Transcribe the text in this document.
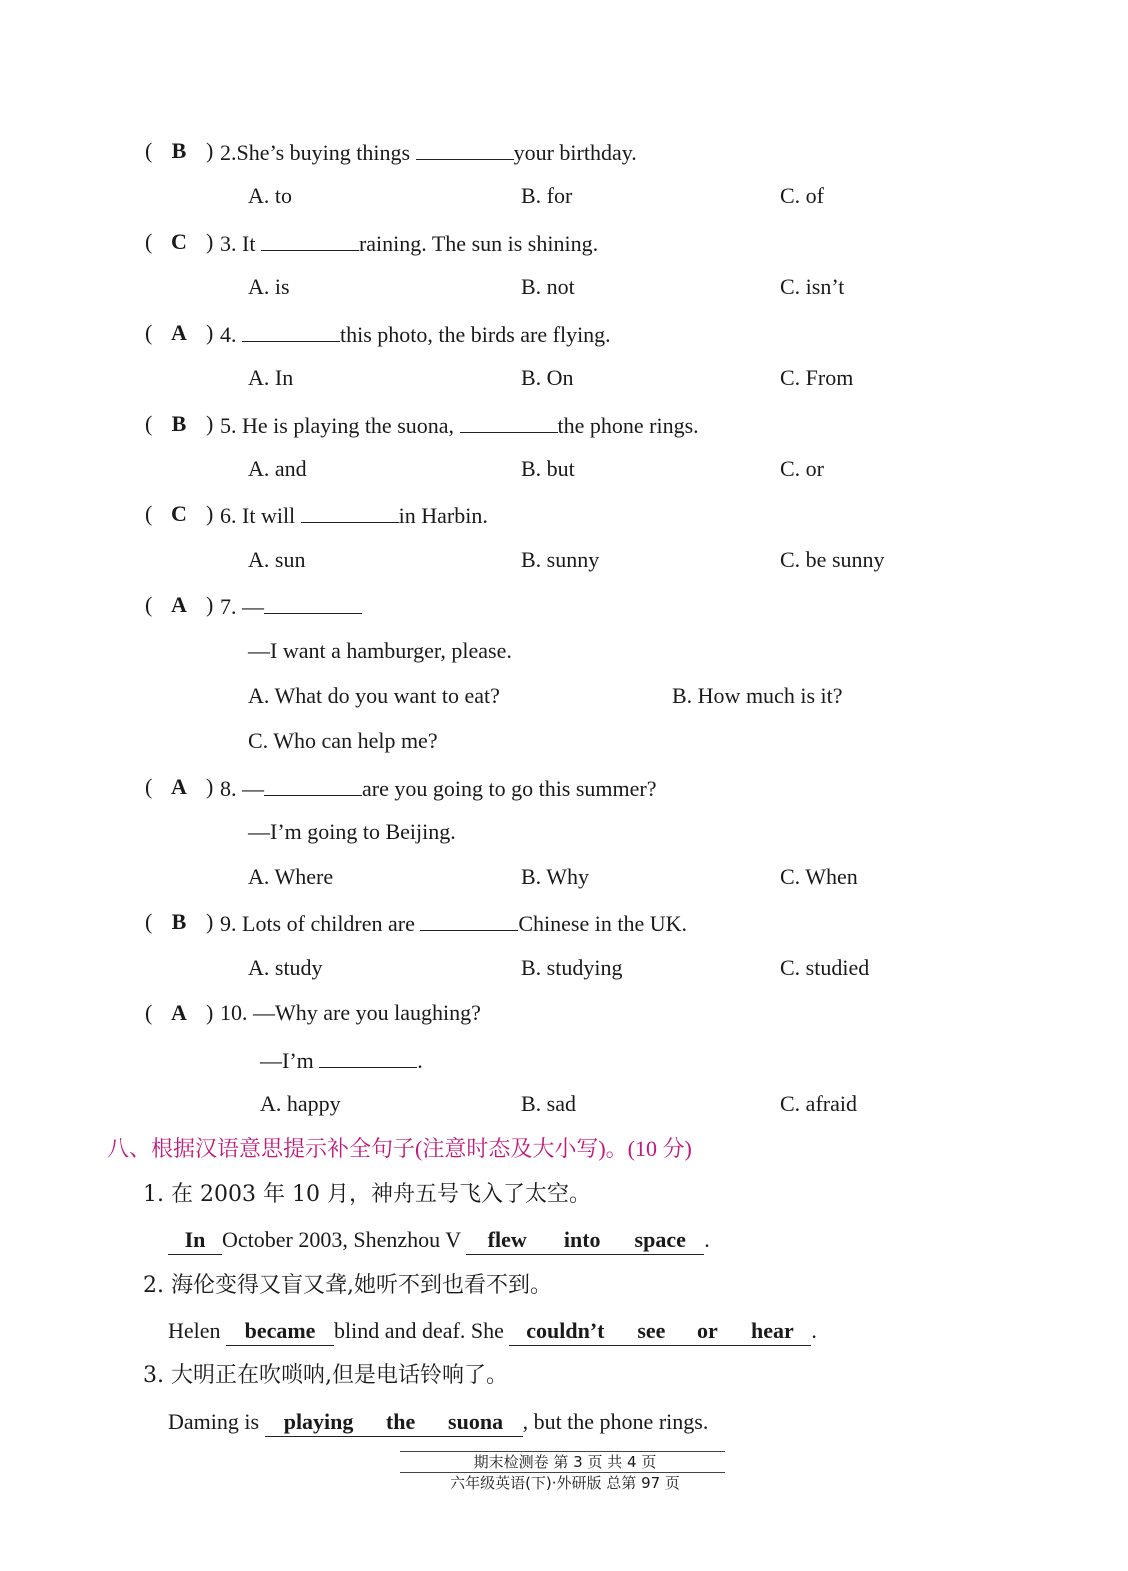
( B ) 2.She’s buying things	your birthday.
A. to	B. for	C. of
( C ) 3. It	raining. The sun is shining.
A. is	B. not	C. isn’t
( A ) 4.	this photo, the birds are flying.
A. In	B. On	C. From
( B ) 5. He is playing the suona,	the phone rings.
A. and	B. but	C. or
( C ) 6. It will	in Harbin.
A. sun	B. sunny	C. be sunny
( A ) 7. —
—I want a hamburger, please.
A. What do you want to eat?	B. How much is it?
C. Who can help me?
( A ) 8. —	are you going to go this summer?
—I’m going to Beijing.
A. Where	B. Why	C. When
( B ) 9. Lots of children are	Chinese in the UK.
A. study	B. studying	C. studied
( A ) 10. —Why are you laughing?
—I’m	.
A. happy	B. sad	C. afraid
八、根据汉语意思提示补全句子(注意时态及大小写)。(10 分)
1. 在 2003 年 10 月，神舟五号飞入了太空。
In October 2003, Shenzhou V flew into space .
2. 海伦变得又盲又聋,她听不到也看不到。
Helen became blind and deaf. She couldn’t see or hear .
3. 大明正在吹唢呐,但是电话铃响了。
Daming is playing the suona , but the phone rings.
期末检测卷 第 3 页 共 4 页
六年级英语(下)·外研版 总第 97 页
